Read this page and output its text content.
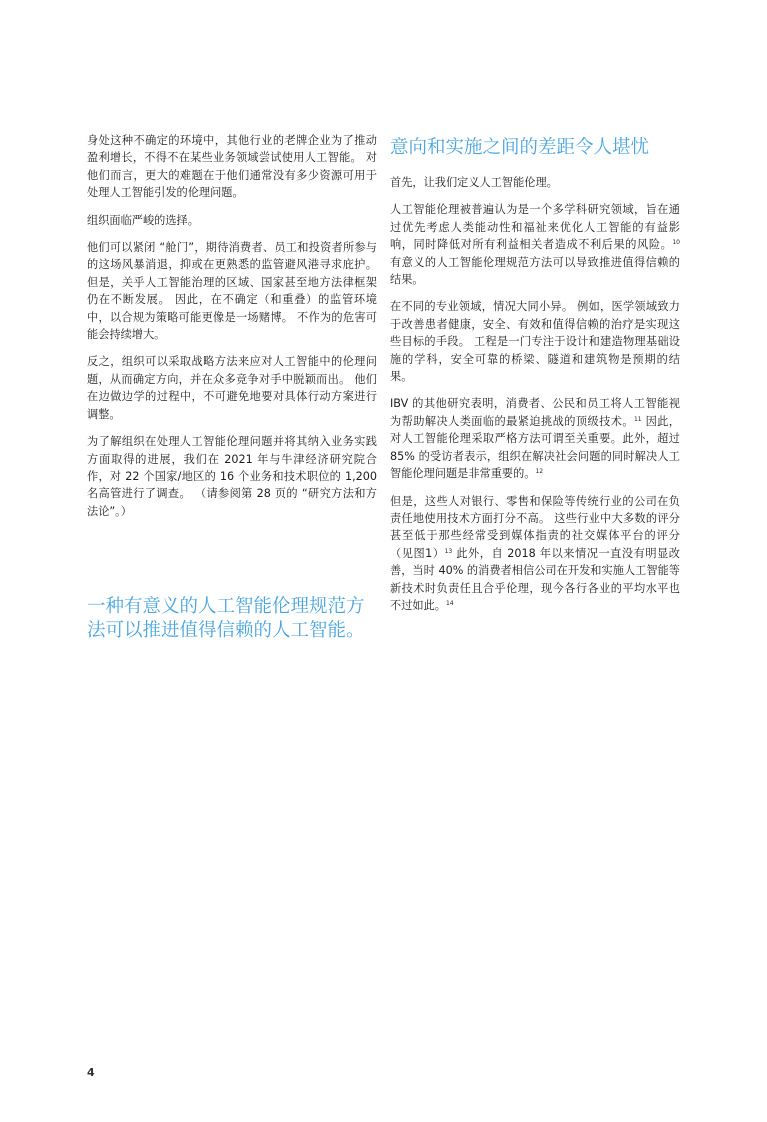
身处这种不确定的环境中，其他行业的老牌企业为了推动盈利增长，不得不在某些业务领域尝试使用人工智能。 对他们而言，更大的难题在于他们通常没有多少资源可用于处理人工智能引发的伦理问题。

组织面临严峻的选择。

他们可以紧闭 “舱门”，期待消费者、员工和投资者所参与的这场风暴消退，抑或在更熟悉的监管避风港寻求庇护。 但是，关乎人工智能治理的区域、国家甚至地方法律框架仍在不断发展。 因此，在不确定（和重叠）的监管环境中，以合规为策略可能更像是一场赌博。 不作为的危害可能会持续增大。

反之，组织可以采取战略方法来应对人工智能中的伦理问题，从而确定方向，并在众多竞争对手中脱颖而出。 他们在边做边学的过程中，不可避免地要对具体行动方案进行调整。

为了解组织在处理人工智能伦理问题并将其纳入业务实践方面取得的进展，我们在 2021 年与牛津经济研究院合作，对 22 个国家/地区的 16 个业务和技术职位的 1,200 名高管进行了调查。 （请参阅第 28 页的 “研究方法和方法论”。）

一种有意义的人工智能伦理规范方法可以推进值得信赖的人工智能。
意向和实施之间的差距令人堪忧

首先，让我们定义人工智能伦理。

人工智能伦理被普遍认为是一个多学科研究领域，旨在通过优先考虑人类能动性和福祉来优化人工智能的有益影响，同时降低对所有利益相关者造成不利后果的风险。$^{10}$ 有意义的人工智能伦理规范方法可以导致推进值得信赖的结果。

在不同的专业领域，情况大同小异。 例如，医学领域致力于改善患者健康，安全、有效和值得信赖的治疗是实现这些目标的手段。 工程是一门专注于设计和建造物理基础设施的学科，安全可靠的桥梁、隧道和建筑物是预期的结果。

IBV 的其他研究表明，消费者、公民和员工将人工智能视为帮助解决人类面临的最紧迫挑战的顶级技术。$^{11}$ 因此，对人工智能伦理采取严格方法可谓至关重要。此外，超过 85% 的受访者表示，组织在解决社会问题的同时解决人工智能伦理问题是非常重要的。$^{12}$

但是，这些人对银行、零售和保险等传统行业的公司在负责任地使用技术方面打分不高。 这些行业中大多数的评分甚至低于那些经常受到媒体指责的社交媒体平台的评分（见图1）$^{13}$ 此外，自 2018 年以来情况一直没有明显改善，当时 40% 的消费者相信公司在开发和实施人工智能等新技术时负责任且合乎伦理，现今各行各业的平均水平也不过如此。$^{14}$

4
